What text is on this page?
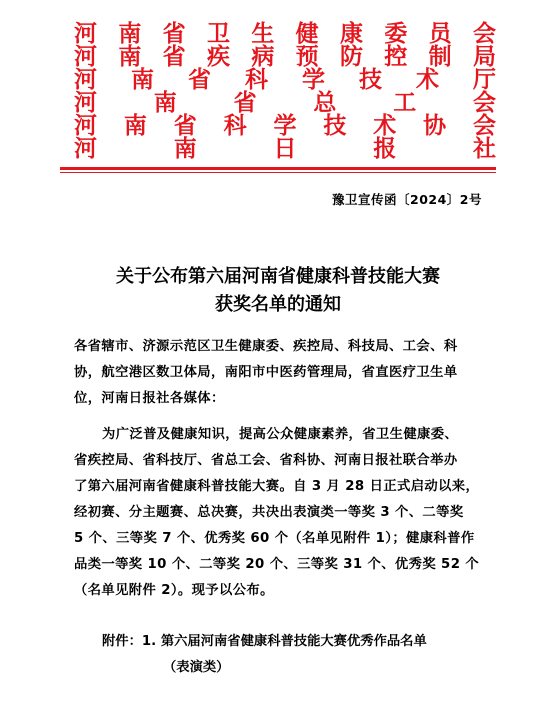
河 南 省 卫 生 健 康 委 员 会
河 南 省 疾 病 预 防 控 制 局
河 南 省 科 学 技 术 厅
河 南 省 总 工 会
河 南 省 科 学 技 术 协 会
河	南	日	报	社
豫卫宣传函〔2024〕2号
关于公布第六届河南省健康科普技能大赛
获奖名单的通知
各省辖市、济源示范区卫生健康委、疾控局、科技局、工会、科
协，航空港区数卫体局，南阳市中医药管理局，省直医疗卫生单
位，河南日报社各媒体：
为广泛普及健康知识，提高公众健康素养，省卫生健康委、
省疾控局、省科技厅、省总工会、省科协、河南日报社联合举办
了第六届河南省健康科普技能大赛。自 3 月 28 日正式启动以来，
经初赛、分主题赛、总决赛，共决出表演类一等奖 3 个、二等奖
5 个、三等奖 7 个、优秀奖 60 个（名单见附件 1）；健康科普作
品类一等奖 10 个、二等奖 20 个、三等奖 31 个、优秀奖 52 个
（名单见附件 2）。现予以公布。
附件：1. 第六届河南省健康科普技能大赛优秀作品名单
（表演类）
